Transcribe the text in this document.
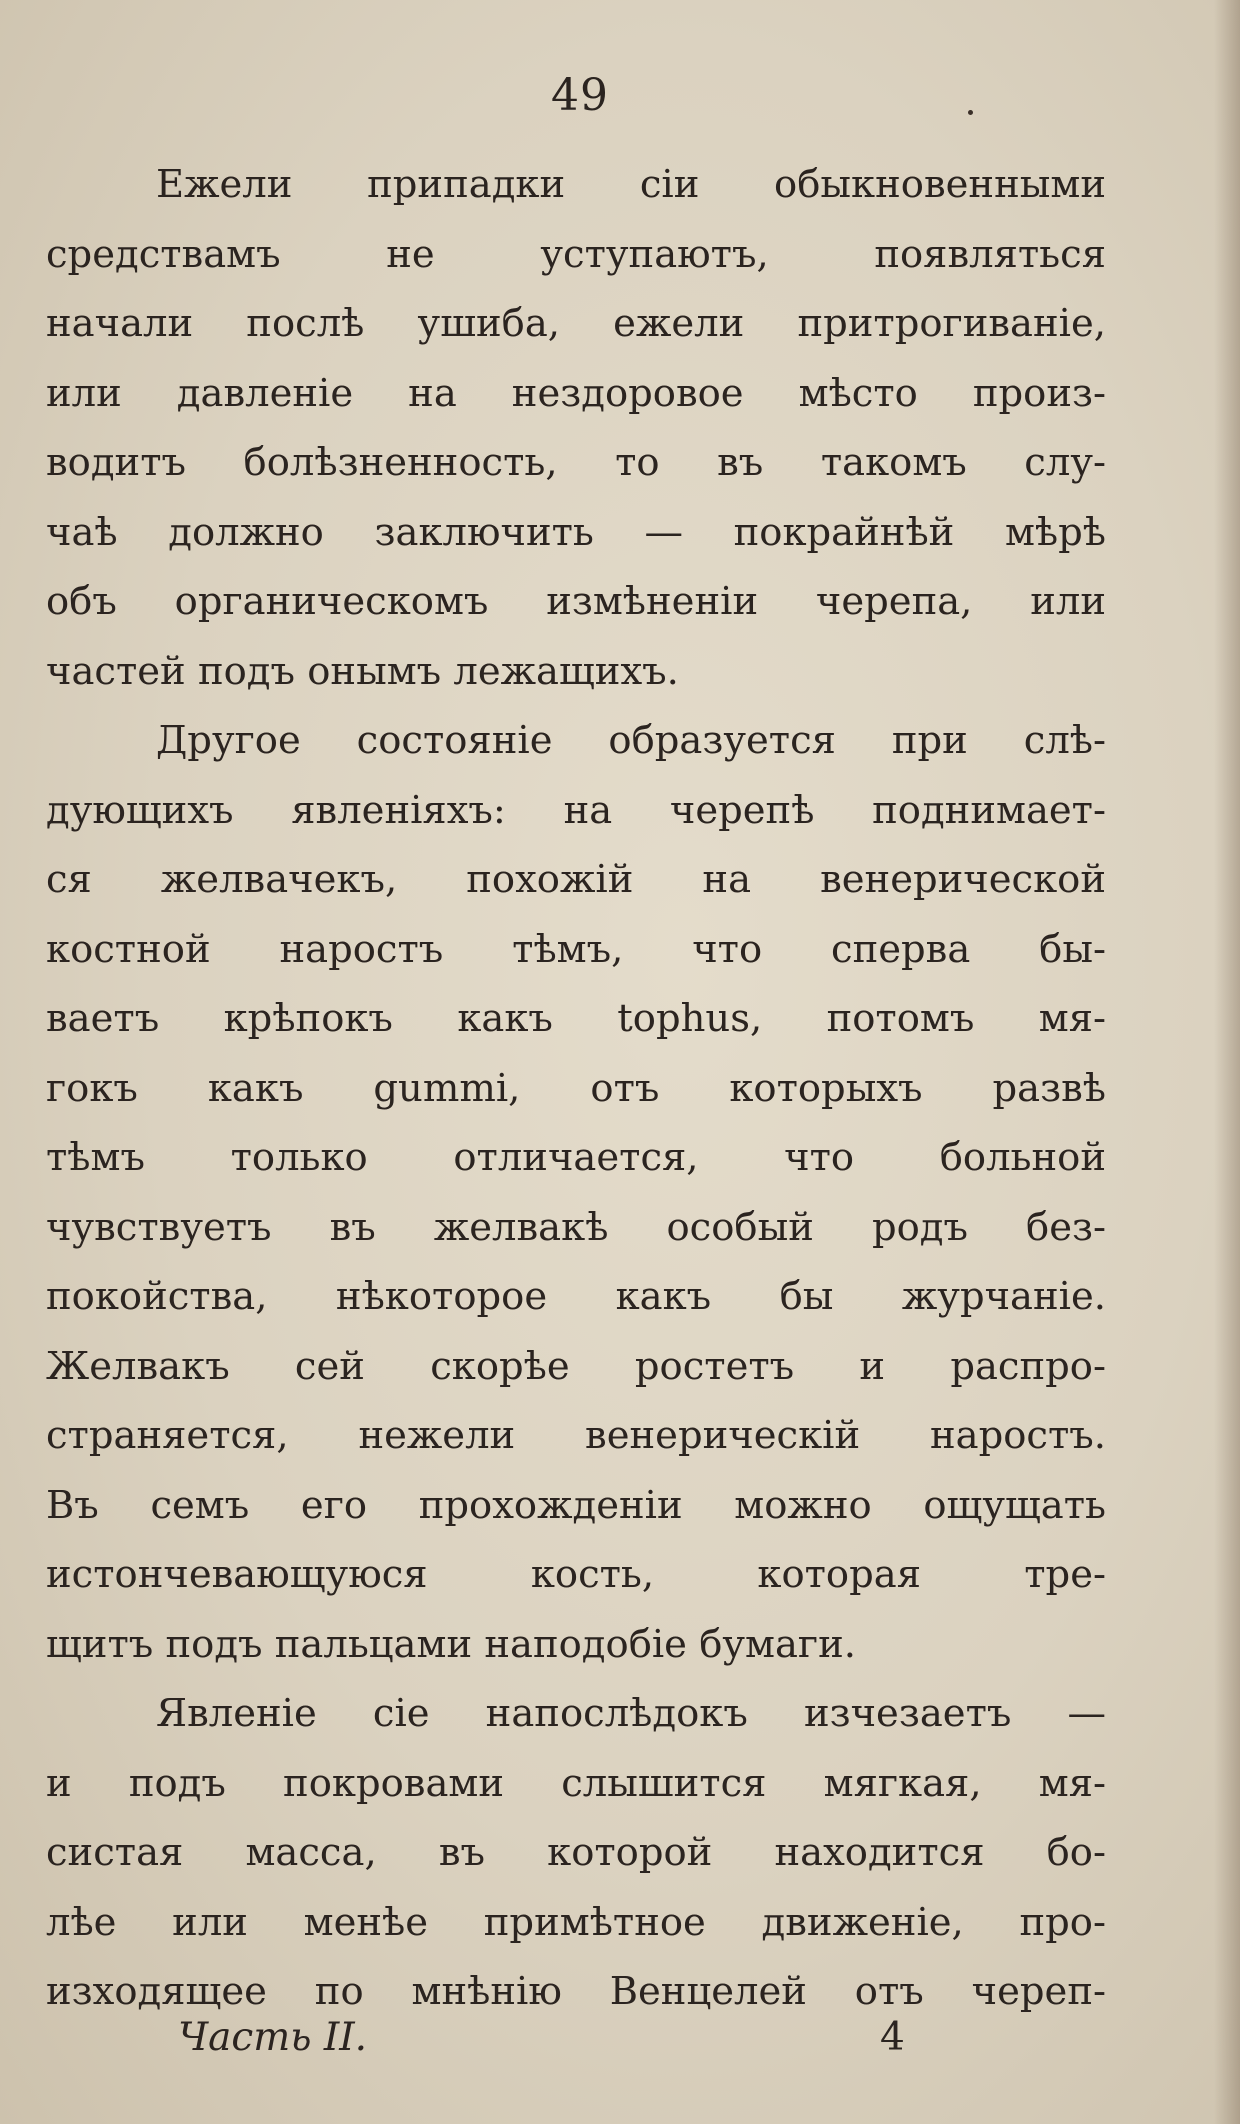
49
Ежели припадки сіи обыкновенными
средствамъ не уступаютъ, появляться
начали послѣ ушиба, ежели притрогиваніе,
или давленіе на нездоровое мѣсто произ-
водитъ болѣзненность, то въ такомъ слу-
чаѣ должно заключить — покрайнѣй мѣрѣ
объ органическомъ измѣненіи черепа, или
частей подъ онымъ лежащихъ.
Другое состояніе образуется при слѣ-
дующихъ явленіяхъ: на черепѣ поднимает-
ся желвачекъ, похожій на венерической
костной наростъ тѣмъ, что сперва бы-
ваетъ крѣпокъ какъ tophus, потомъ мя-
гокъ какъ gummi, отъ которыхъ развѣ
тѣмъ только отличается, что больной
чувствуетъ въ желвакѣ особый родъ без-
покойства, нѣкоторое какъ бы журчаніе.
Желвакъ сей скорѣе ростетъ и распро-
страняется, нежели венерическій наростъ.
Въ семъ его прохожденіи можно ощущать
истончевающуюся кость, которая тре-
щитъ подъ пальцами наподобіе бумаги.
Явленіе сіе напослѣдокъ изчезаетъ —
и подъ покровами слышится мягкая, мя-
систая масса, въ которой находится бо-
лѣе или менѣе примѣтное движеніе, про-
изходящее по мнѣнію Венцелей отъ череп-
Часть II.	4
